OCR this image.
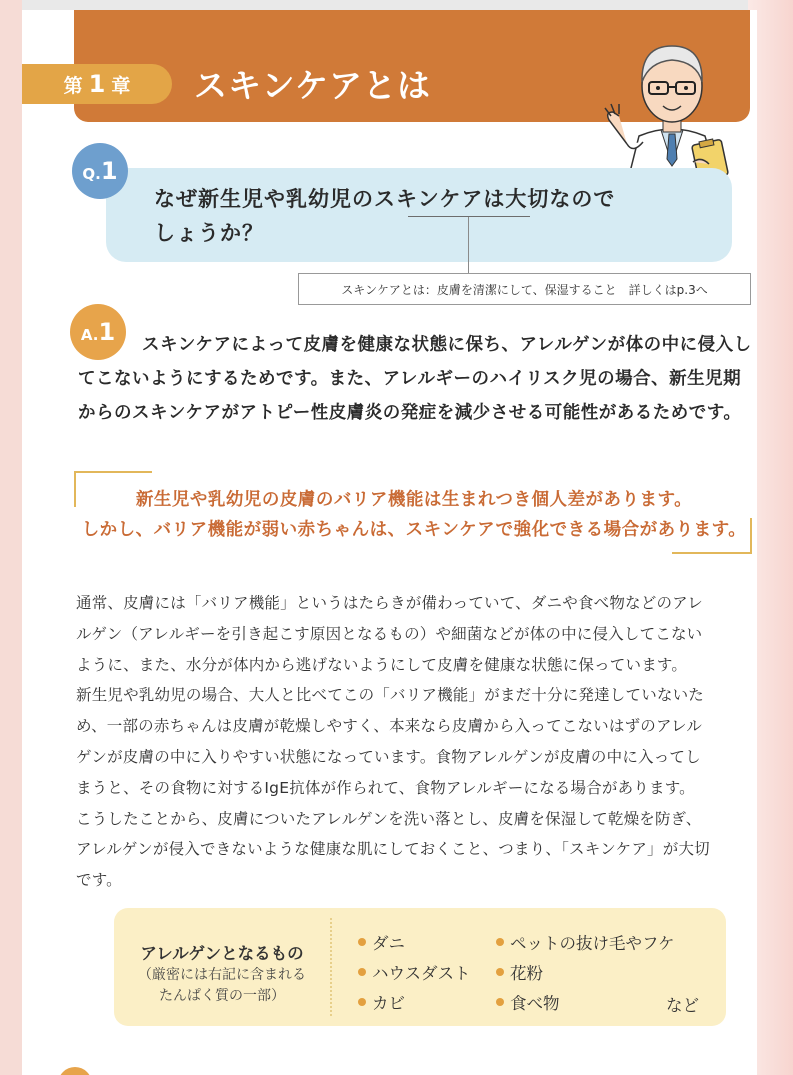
第 1 章 スキンケアとは
Q. 1
なぜ新生児や乳幼児のスキンケアは大切なので
しょうか？
スキンケアとは：皮膚を清潔にして、保湿すること　詳しくはp.3へ
スキンケアによって皮膚を健康な状態に保ち、アレルゲンが体の中に侵入してこないようにするためです。また、アレルギーのハイリスク児の場合、新生児期からのスキンケアがアトピー性皮膚炎の発症を減少させる可能性があるためです。
A. 1
新生児や乳幼児の皮膚のバリア機能は生まれつき個人差があります。
しかし、バリア機能が弱い赤ちゃんは、スキンケアで強化できる場合があります。

通常、皮膚には「バリア機能」というはたらきが備わっていて、ダニや食べ物などのアレ

ルゲン（アレルギーを引き起こす原因となるもの）や細菌などが体の中に侵入してこない

ように、また、水分が体内から逃げないようにして皮膚を健康な状態に保っています。

新生児や乳幼児の場合、大人と比べてこの「バリア機能」がまだ十分に発達していないた

め、一部の赤ちゃんは皮膚が乾燥しやすく、本来なら皮膚から入ってこないはずのアレル

ゲンが皮膚の中に入りやすい状態になっています。食物アレルゲンが皮膚の中に入ってし

まうと、その食物に対するIgE抗体が作られて、食物アレルギーになる場合があります。

こうしたことから、皮膚についたアレルゲンを洗い落とし、皮膚を保湿して乾燥を防ぎ、

アレルゲンが侵入できないような健康な肌にしておくこと、つまり、「スキンケア」が大切

です。

アレルゲンとなるもの
（厳密には右記に含まれる
たんぱく質の一部）
ダニ
ハウスダスト
カビ
ペットの抜け毛やフケ
花粉
食べ物	など
